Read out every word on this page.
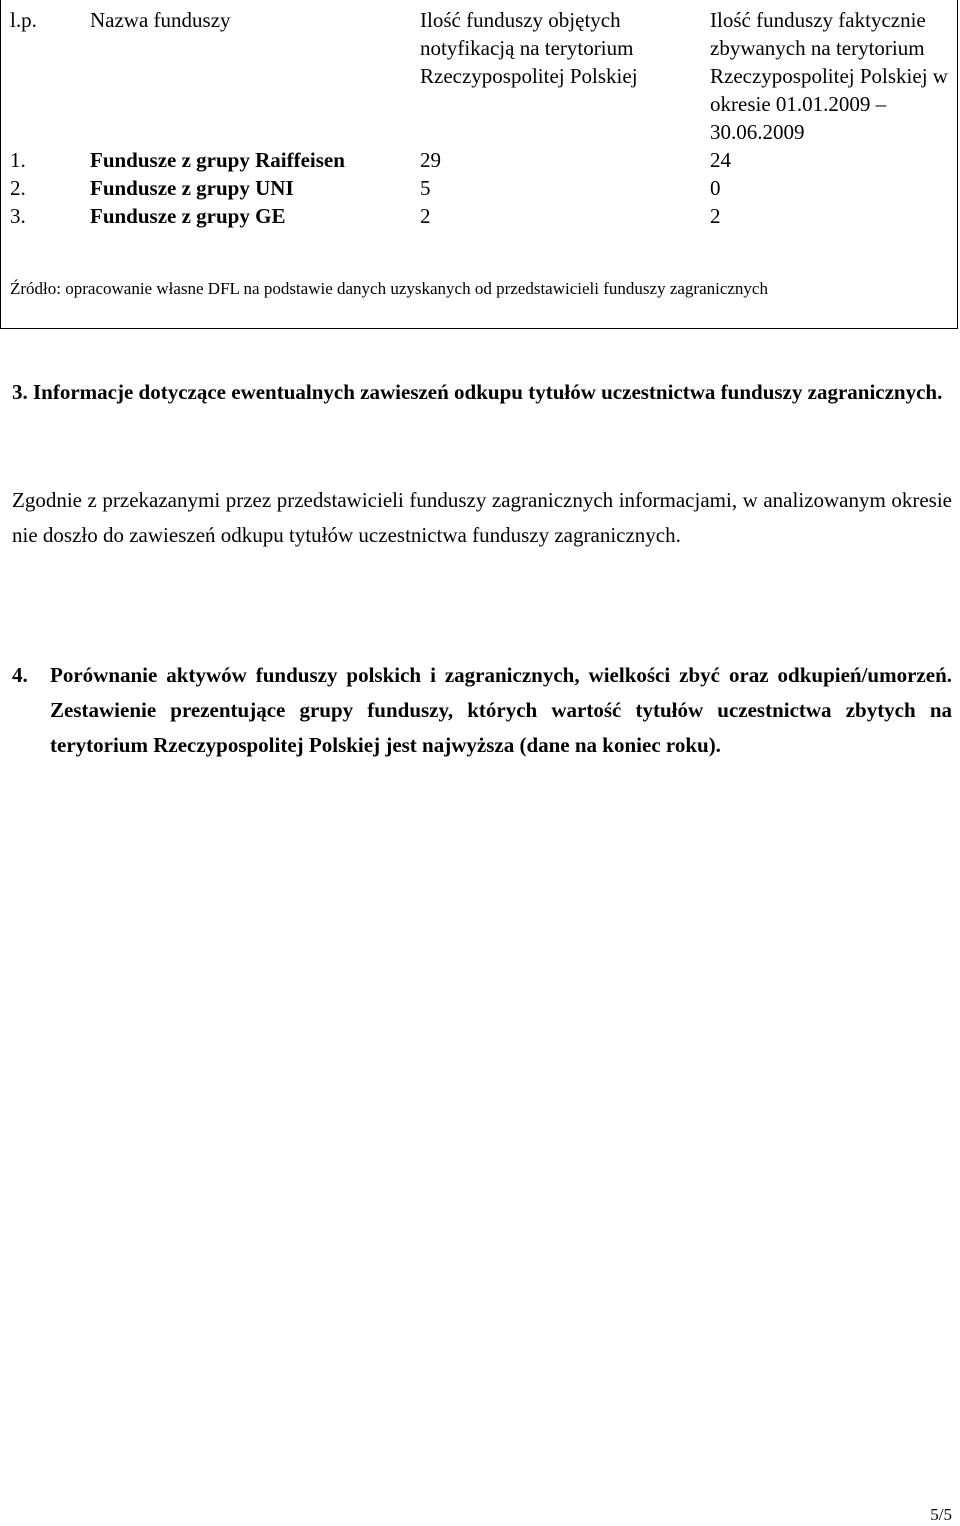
l.p.	Nazwa funduszy	Ilość funduszy objętych notyfikacją na terytorium Rzeczypospolitej Polskiej	Ilość funduszy faktycznie zbywanych na terytorium Rzeczypospolitej Polskiej w okresie 01.01.2009 – 30.06.2009
1.	Fundusze z grupy Raiffeisen	29	24
2.	Fundusze z grupy UNI	5	0
3.	Fundusze z grupy GE	2	2
Źródło: opracowanie własne DFL na podstawie danych uzyskanych od przedstawicieli funduszy zagranicznych
3. Informacje dotyczące ewentualnych zawieszeń odkupu tytułów uczestnictwa funduszy zagranicznych.
Zgodnie z przekazanymi przez przedstawicieli funduszy zagranicznych informacjami, w analizowanym okresie nie doszło do zawieszeń odkupu tytułów uczestnictwa funduszy zagranicznych.
4.	Porównanie aktywów funduszy polskich i zagranicznych, wielkości zbyć oraz odkupień/umorzeń. Zestawienie prezentujące grupy funduszy, których wartość tytułów uczestnictwa zbytych na terytorium Rzeczypospolitej Polskiej jest najwyższa (dane na koniec roku).
5/5
